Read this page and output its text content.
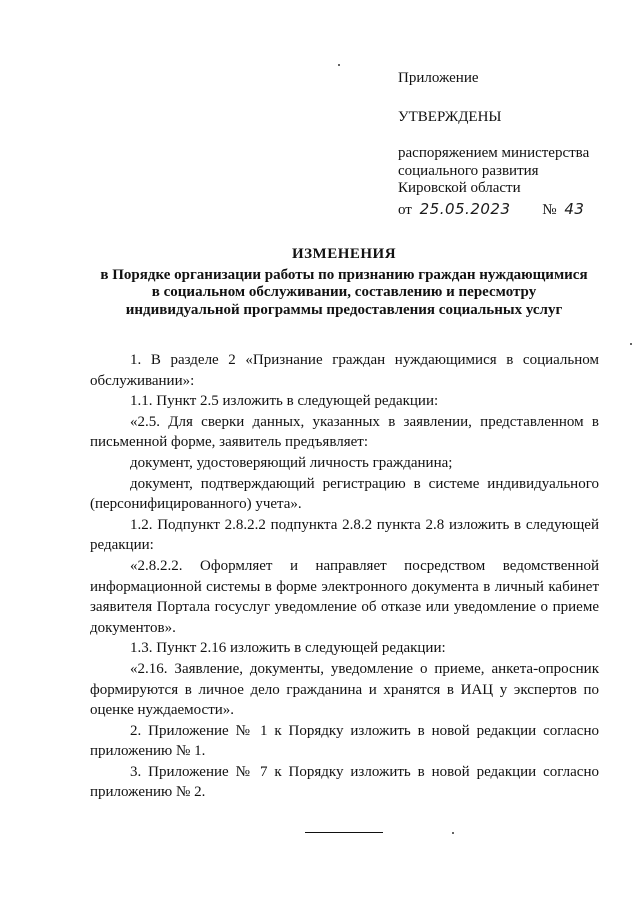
Приложение
УТВЕРЖДЕНЫ
распоряжением министерства
социального развития
Кировской области
от 25.05.2023 № 43
ИЗМЕНЕНИЯ
в Порядке организации работы по признанию граждан нуждающимися
в социальном обслуживании, составлению и пересмотру
индивидуальной программы предоставления социальных услуг

1. В разделе 2 «Признание граждан нуждающимися в социальном обслуживании»:

1.1. Пункт 2.5 изложить в следующей редакции:

«2.5. Для сверки данных, указанных в заявлении, представленном в письменной форме, заявитель предъявляет:

документ, удостоверяющий личность гражданина;

документ, подтверждающий регистрацию в системе индивидуального (персонифицированного) учета».

1.2. Подпункт 2.8.2.2 подпункта 2.8.2 пункта 2.8 изложить в следующей редакции:

«2.8.2.2. Оформляет и направляет посредством ведомственной информационной системы в форме электронного документа в личный кабинет заявителя Портала госуслуг уведомление об отказе или уведомление о приеме документов».

1.3. Пункт 2.16 изложить в следующей редакции:

«2.16. Заявление, документы, уведомление о приеме, анкета-опросник формируются в личное дело гражданина и хранятся в ИАЦ у экспертов по оценке нуждаемости».

2. Приложение № 1 к Порядку изложить в новой редакции согласно приложению № 1.

3. Приложение № 7 к Порядку изложить в новой редакции согласно приложению № 2.
